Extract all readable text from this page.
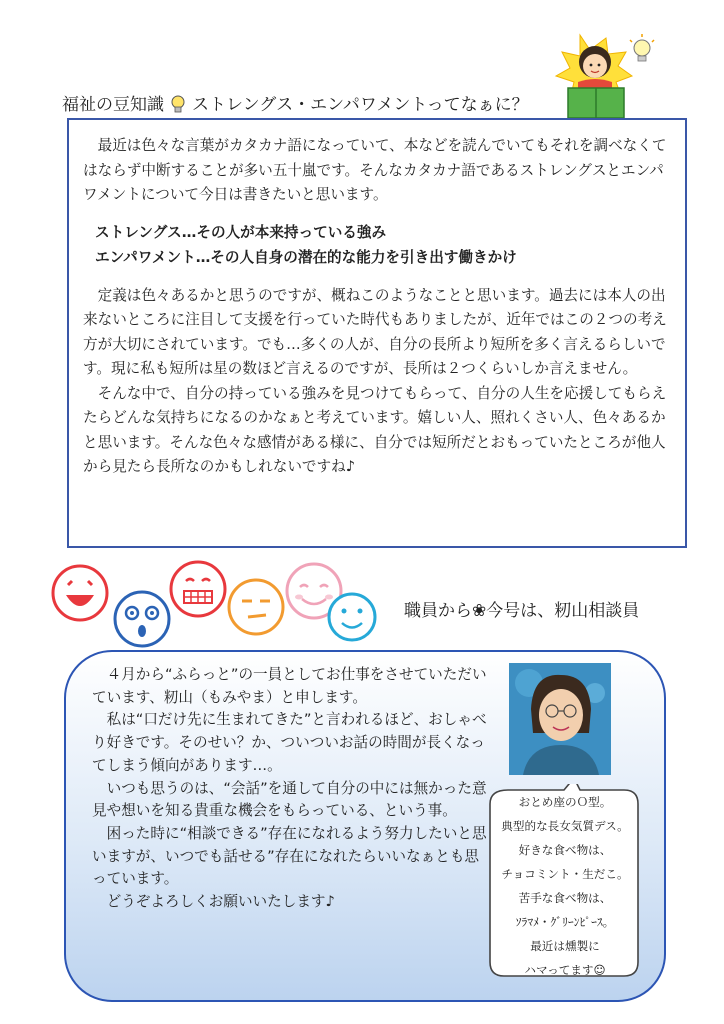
福祉の豆知識 ストレングス・エンパワメントってなぁに？

最近は色々な言葉がカタカナ語になっていて、本などを読んでいてもそれを調べなくてはならず中断することが多い五十嵐です。そんなカタカナ語であるストレングスとエンパワメントについて今日は書きたいと思います。

ストレングス…その人が本来持っている強み
エンパワメント…その人自身の潜在的な能力を引き出す働きかけ

定義は色々あるかと思うのですが、概ねこのようなことと思います。過去には本人の出来ないところに注目して支援を行っていた時代もありましたが、近年ではこの２つの考え方が大切にされています。でも…多くの人が、自分の長所より短所を多く言えるらしいです。現に私も短所は星の数ほど言えるのですが、長所は２つくらいしか言えません。

そんな中で、自分の持っている強みを見つけてもらって、自分の人生を応援してもらえたらどんな気持ちになるのかなぁと考えています。嬉しい人、照れくさい人、色々あるかと思います。そんな色々な感情がある様に、自分では短所だとおもっていたところが他人から見たら長所なのかもしれないですね♪

職員から❀今号は、籾山相談員

４月から“ふらっと”の一員としてお仕事をさせていただいています、籾山（もみやま）と申します。

私は“口だけ先に生まれてきた”と言われるほど、おしゃべり好きです。そのせい？か、ついついお話の時間が長くなってしまう傾向があります…。

いつも思うのは、“会話”を通して自分の中には無かった意見や想いを知る貴重な機会をもらっている、という事。

困った時に“相談できる”存在になれるよう努力したいと思いますが、いつでも話せる”存在になれたらいいなぁとも思っています。

どうぞよろしくお願いいたします♪

おとめ座のＯ型。
典型的な長女気質デス。
好きな食べ物は、
チョコミント・生だこ。
苦手な食べ物は、
ｿﾗﾏﾒ・ｸﾞﾘｰﾝﾋﾟｰｽ。
最近は燻製に
ハマってます☺
